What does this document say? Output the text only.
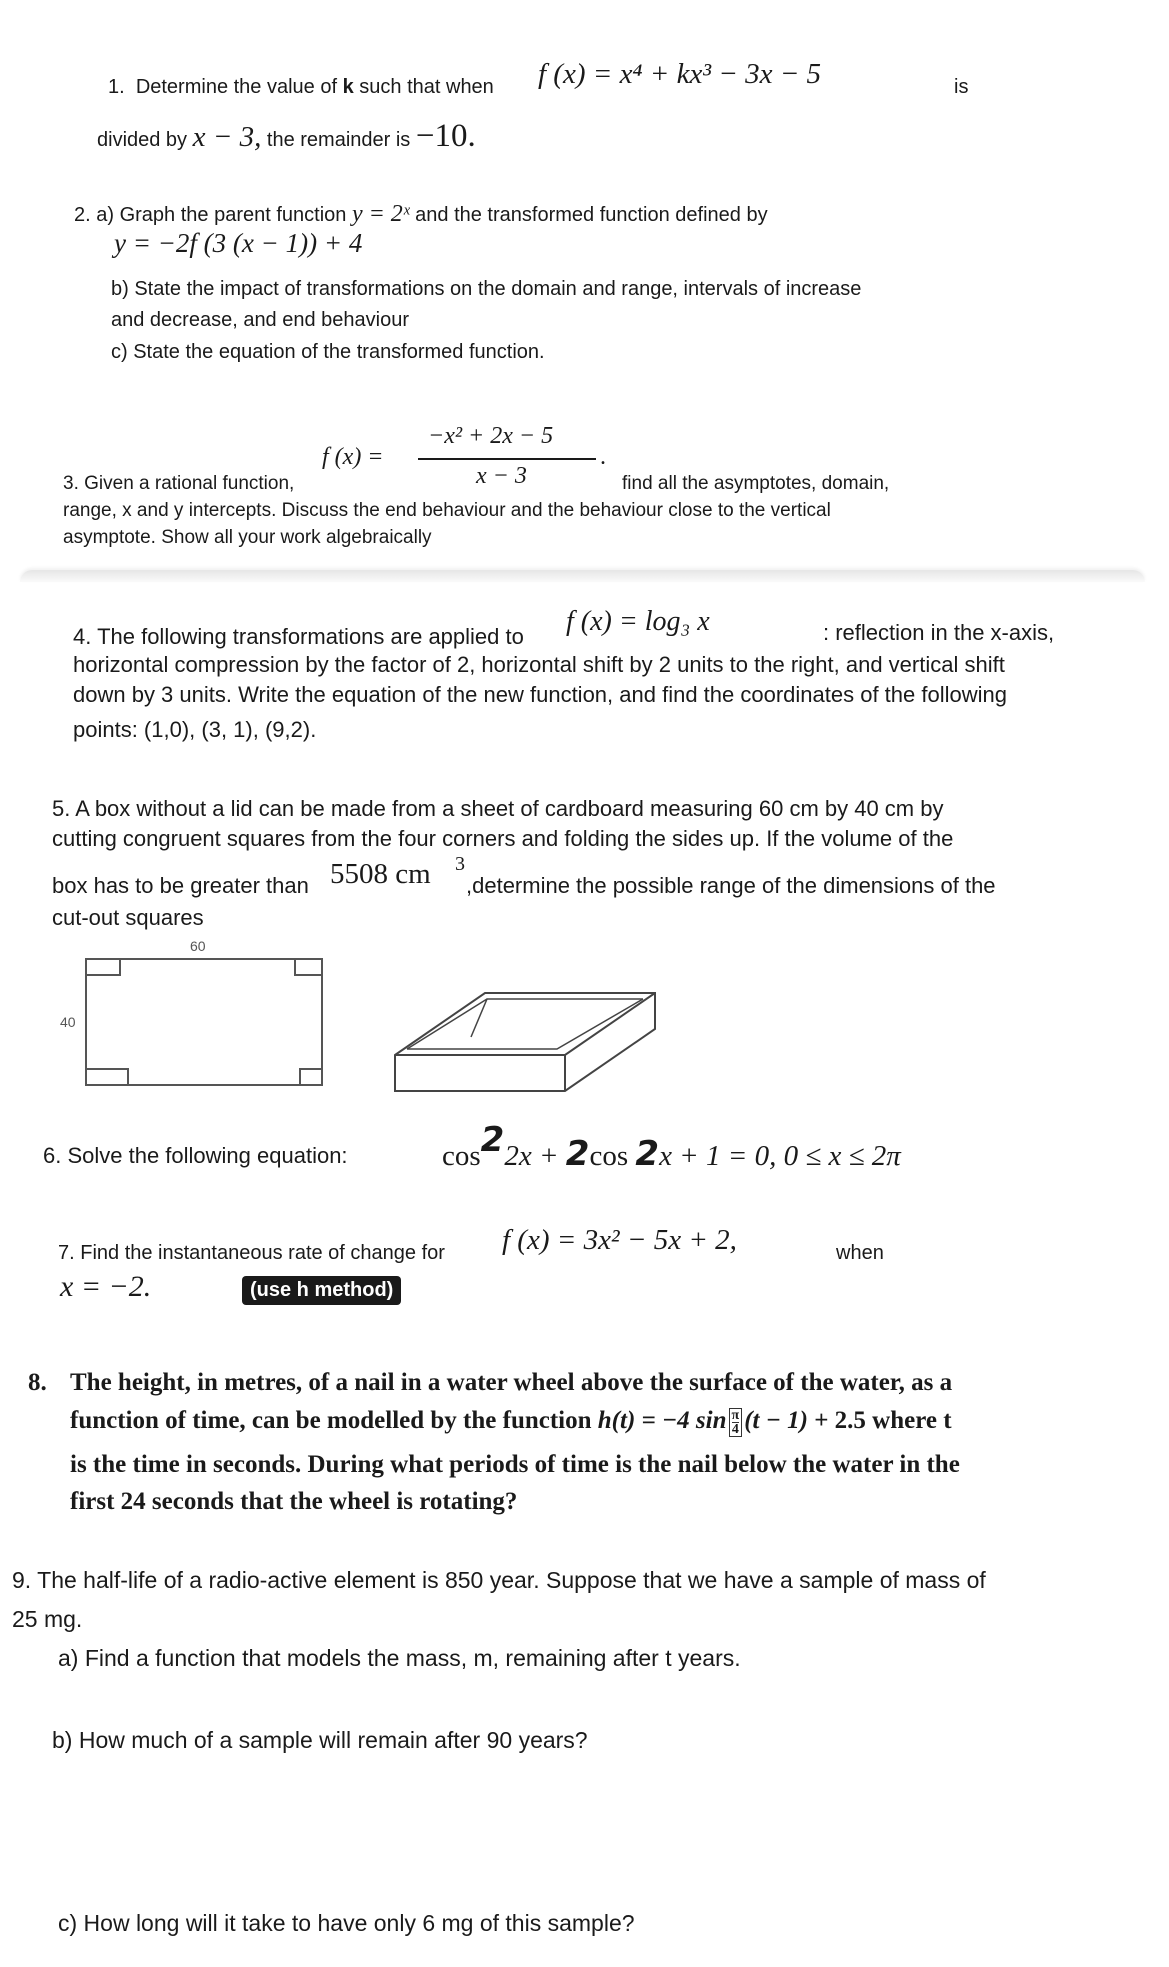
1. Determine the value of k such that when f (x) = x⁴ + kx³ − 3x − 5	is
divided by x − 3, the remainder is −10.
2. a) Graph the parent function y = 2ˣ and the transformed function defined by
y = −2f (3 (x − 1)) + 4
b) State the impact of transformations on the domain and range, intervals of increase
and decrease, and end behaviour
c) State the equation of the transformed function.
f (x) =
−x² + 2x − 5
x − 3
.
3. Given a rational function,	find all the asymptotes, domain,
range, x and y intercepts. Discuss the end behaviour and the behaviour close to the vertical
asymptote. Show all your work algebraically
4. The following transformations are applied to f (x) = log₃ x	: reflection in the x-axis,
horizontal compression by the factor of 2, horizontal shift by 2 units to the right, and vertical shift
down by 3 units. Write the equation of the new function, and find the coordinates of the following
points: (1,0), (3, 1), (9,2).
5. A box without a lid can be made from a sheet of cardboard measuring 60 cm by 40 cm by
cutting congruent squares from the four corners and folding the sides up. If the volume of the
box has to be greater than 5508 cm 3
,determine the possible range of the dimensions of the
cut-out squares
60
40
6. Solve the following equation:	cos22x + 2cos 2x + 1 = 0, 0 ≤ x ≤ 2π
7. Find the instantaneous rate of change for f (x) = 3x² − 5x + 2,	when
x = −2.	(use h method)
8. The height, in metres, of a nail in a water wheel above the surface of the water, as a
function of time, can be modelled by the function h(t) = −4 $\sin \frac{\pi}{4} (t - 1) + 2.5$ where t
is the time in seconds. During what periods of time is the nail below the water in the
first 24 seconds that the wheel is rotating?
9. The half-life of a radio-active element is 850 year. Suppose that we have a sample of mass of
25 mg.
a) Find a function that models the mass, m, remaining after t years.
b) How much of a sample will remain after 90 years?
c) How long will it take to have only 6 mg of this sample?
